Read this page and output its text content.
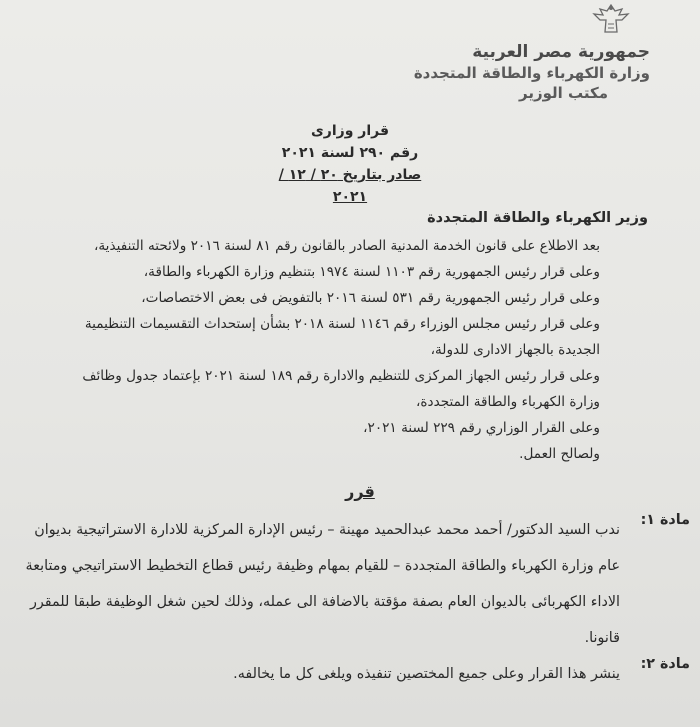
جمهورية مصر العربية
وزارة الكهرباء والطاقة المتجددة
مكتب الوزير
قرار وزارى
رقم ٢٩٠ لسنة ٢٠٢١
صادر بتاريخ ٢٠ / ١٢ / ٢٠٢١
وزير الكهرباء والطاقة المتجددة
بعد الاطلاع على قانون الخدمة المدنية الصادر بالقانون رقم ٨١ لسنة ٢٠١٦ ولائحته التنفيذية،
وعلى قرار رئيس الجمهورية رقم ١١٠٣ لسنة ١٩٧٤ بتنظيم وزارة الكهرباء والطاقة،
وعلى قرار رئيس الجمهورية رقم ٥٣١ لسنة ٢٠١٦ بالتفويض فى بعض الاختصاصات،
وعلى قرار رئيس مجلس الوزراء رقم ١١٤٦ لسنة ٢٠١٨ بشأن إستحداث التقسيمات التنظيمية الجديدة بالجهاز الادارى للدولة،
وعلى قرار رئيس الجهاز المركزى للتنظيم والادارة رقم ١٨٩ لسنة ٢٠٢١ بإعتماد جدول وظائف وزارة الكهرباء والطاقة المتجددة،
وعلى القرار الوزاري رقم ٢٢٩ لسنة ٢٠٢١،
ولصالح العمل.
قرر
مادة ١:
ندب السيد الدكتور/ أحمد محمد عبدالحميد مهينة – رئيس الإدارة المركزية للادارة الاستراتيجية بديوان عام وزارة الكهرباء والطاقة المتجددة – للقيام بمهام وظيفة رئيس قطاع التخطيط الاستراتيجي ومتابعة الاداء الكهربائى بالديوان العام بصفة مؤقتة بالاضافة الى عمله، وذلك لحين شغل الوظيفة طبقا للمقرر قانونا.
مادة ٢:
ينشر هذا القرار وعلى جميع المختصين تنفيذه ويلغى كل ما يخالفه.
